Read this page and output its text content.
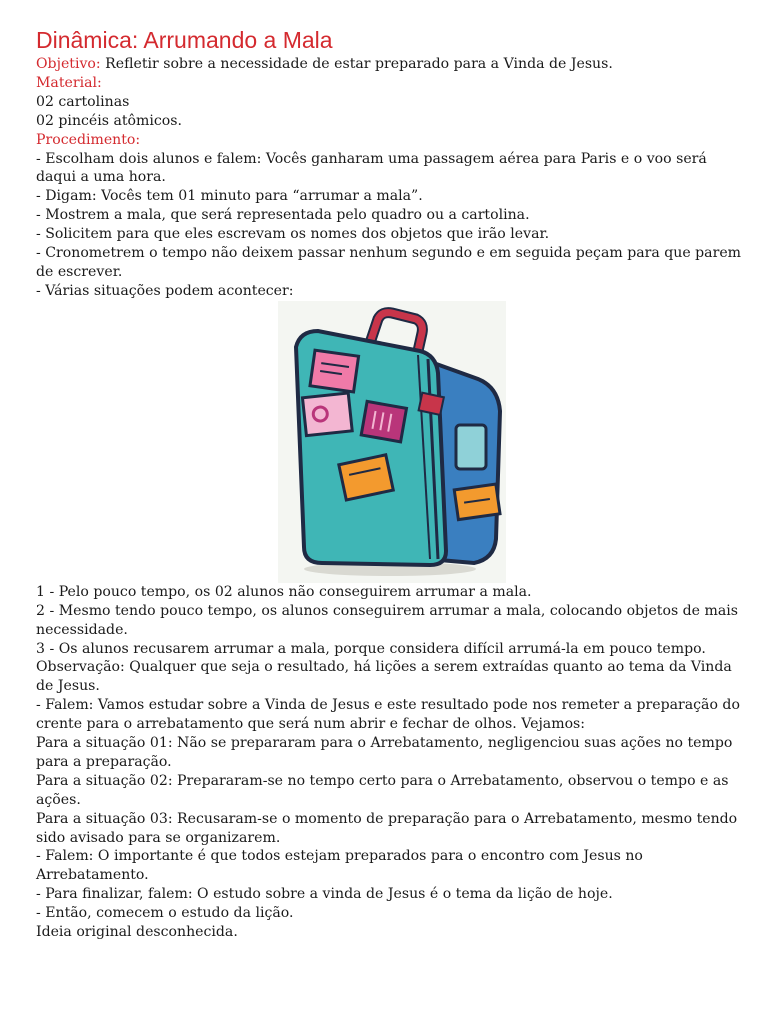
Dinâmica: Arrumando a Mala

Objetivo: Refletir sobre a necessidade de estar preparado para a Vinda de Jesus.

Material:

02 cartolinas

02 pincéis atômicos.

Procedimento:

- Escolham dois alunos e falem: Vocês ganharam uma passagem aérea para Paris e o voo será daqui a uma hora.

- Digam: Vocês tem 01 minuto para “arrumar a mala”.

- Mostrem a mala, que será representada pelo quadro ou a cartolina.

- Solicitem para que eles escrevam os nomes dos objetos que irão levar.

- Cronometrem o tempo não deixem passar nenhum segundo e em seguida peçam para que parem de escrever.

- Várias situações podem acontecer:

1 - Pelo pouco tempo, os 02 alunos não conseguirem arrumar a mala.

2 - Mesmo tendo pouco tempo, os alunos conseguirem arrumar a mala, colocando objetos de mais necessidade.

3 - Os alunos recusarem arrumar a mala, porque considera difícil arrumá-la em pouco tempo.

Observação: Qualquer que seja o resultado, há lições a serem extraídas quanto ao tema da Vinda de Jesus.

- Falem: Vamos estudar sobre a Vinda de Jesus e este resultado pode nos remeter a preparação do crente para o arrebatamento que será num abrir e fechar de olhos. Vejamos:

Para a situação 01: Não se prepararam para o Arrebatamento, negligenciou suas ações no tempo para a preparação.

Para a situação 02: Prepararam-se no tempo certo para o Arrebatamento, observou o tempo e as ações.

Para a situação 03: Recusaram-se o momento de preparação para o Arrebatamento, mesmo tendo sido avisado para se organizarem.

- Falem: O importante é que todos estejam preparados para o encontro com Jesus no Arrebatamento.

- Para finalizar, falem: O estudo sobre a vinda de Jesus é o tema da lição de hoje.

- Então, comecem o estudo da lição.

Ideia original desconhecida.
